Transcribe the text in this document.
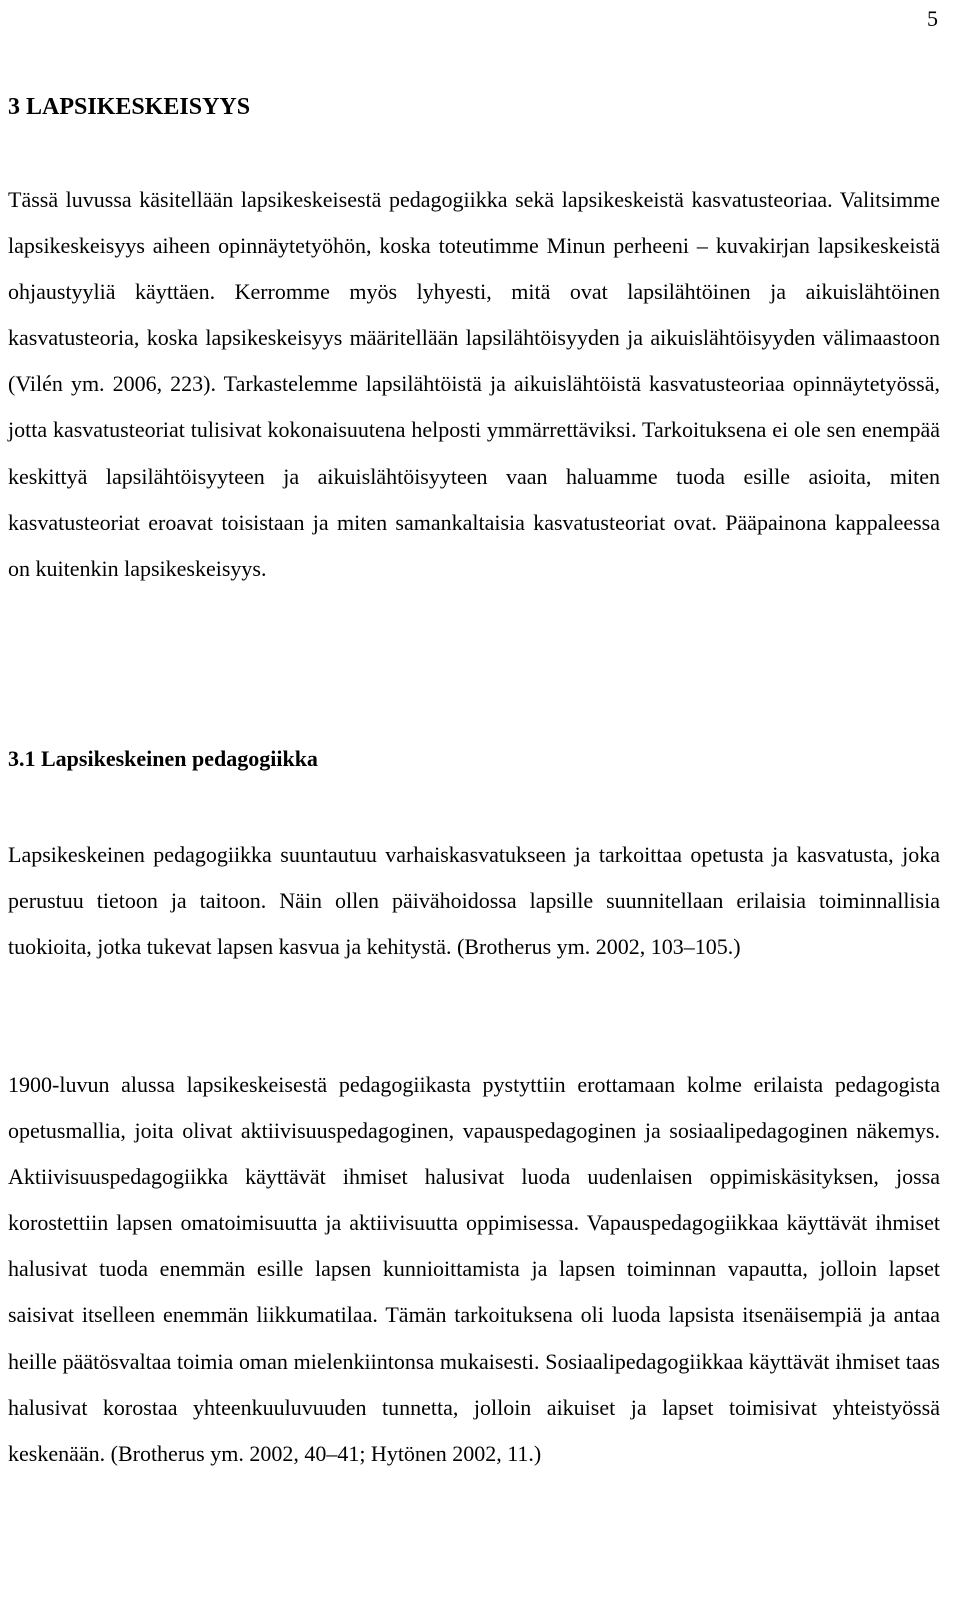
5
3 LAPSIKESKEISYYS

Tässä luvussa käsitellään lapsikeskeisestä pedagogiikka sekä lapsikeskeistä kasvatusteoriaa. Valitsimme lapsikeskeisyys aiheen opinnäytetyöhön, koska toteutimme Minun perheeni – kuvakirjan lapsikeskeistä ohjaustyyliä käyttäen. Kerromme myös lyhyesti, mitä ovat lapsilähtöinen ja aikuislähtöinen kasvatusteoria, koska lapsikeskeisyys määritellään lapsilähtöisyyden ja aikuislähtöisyyden välimaastoon (Vilén ym. 2006, 223). Tarkastelemme lapsilähtöistä ja aikuislähtöistä kasvatusteoriaa opinnäytetyössä, jotta kasvatusteoriat tulisivat kokonaisuutena helposti ymmärrettäviksi. Tarkoituksena ei ole sen enempää keskittyä lapsilähtöisyyteen ja aikuislähtöisyyteen vaan haluamme tuoda esille asioita, miten kasvatusteoriat eroavat toisistaan ja miten samankaltaisia kasvatusteoriat ovat. Pääpainona kappaleessa on kuitenkin lapsikeskeisyys.

3.1 Lapsikeskeinen pedagogiikka

Lapsikeskeinen pedagogiikka suuntautuu varhaiskasvatukseen ja tarkoittaa opetusta ja kasvatusta, joka perustuu tietoon ja taitoon. Näin ollen päivähoidossa lapsille suunnitellaan erilaisia toiminnallisia tuokioita, jotka tukevat lapsen kasvua ja kehitystä. (Brotherus ym. 2002, 103–105.)

1900-luvun alussa lapsikeskeisestä pedagogiikasta pystyttiin erottamaan kolme erilaista pedagogista opetusmallia, joita olivat aktiivisuuspedagoginen, vapauspedagoginen ja sosiaalipedagoginen näkemys. Aktiivisuuspedagogiikka käyttävät ihmiset halusivat luoda uudenlaisen oppimiskäsityksen, jossa korostettiin lapsen omatoimisuutta ja aktiivisuutta oppimisessa. Vapauspedagogiikkaa käyttävät ihmiset halusivat tuoda enemmän esille lapsen kunnioittamista ja lapsen toiminnan vapautta, jolloin lapset saisivat itselleen enemmän liikkumatilaa. Tämän tarkoituksena oli luoda lapsista itsenäisempiä ja antaa heille päätösvaltaa toimia oman mielenkiintonsa mukaisesti. Sosiaalipedagogiikkaa käyttävät ihmiset taas halusivat korostaa yhteenkuuluvuuden tunnetta, jolloin aikuiset ja lapset toimisivat yhteistyössä keskenään. (Brotherus ym. 2002, 40–41; Hytönen 2002, 11.)
